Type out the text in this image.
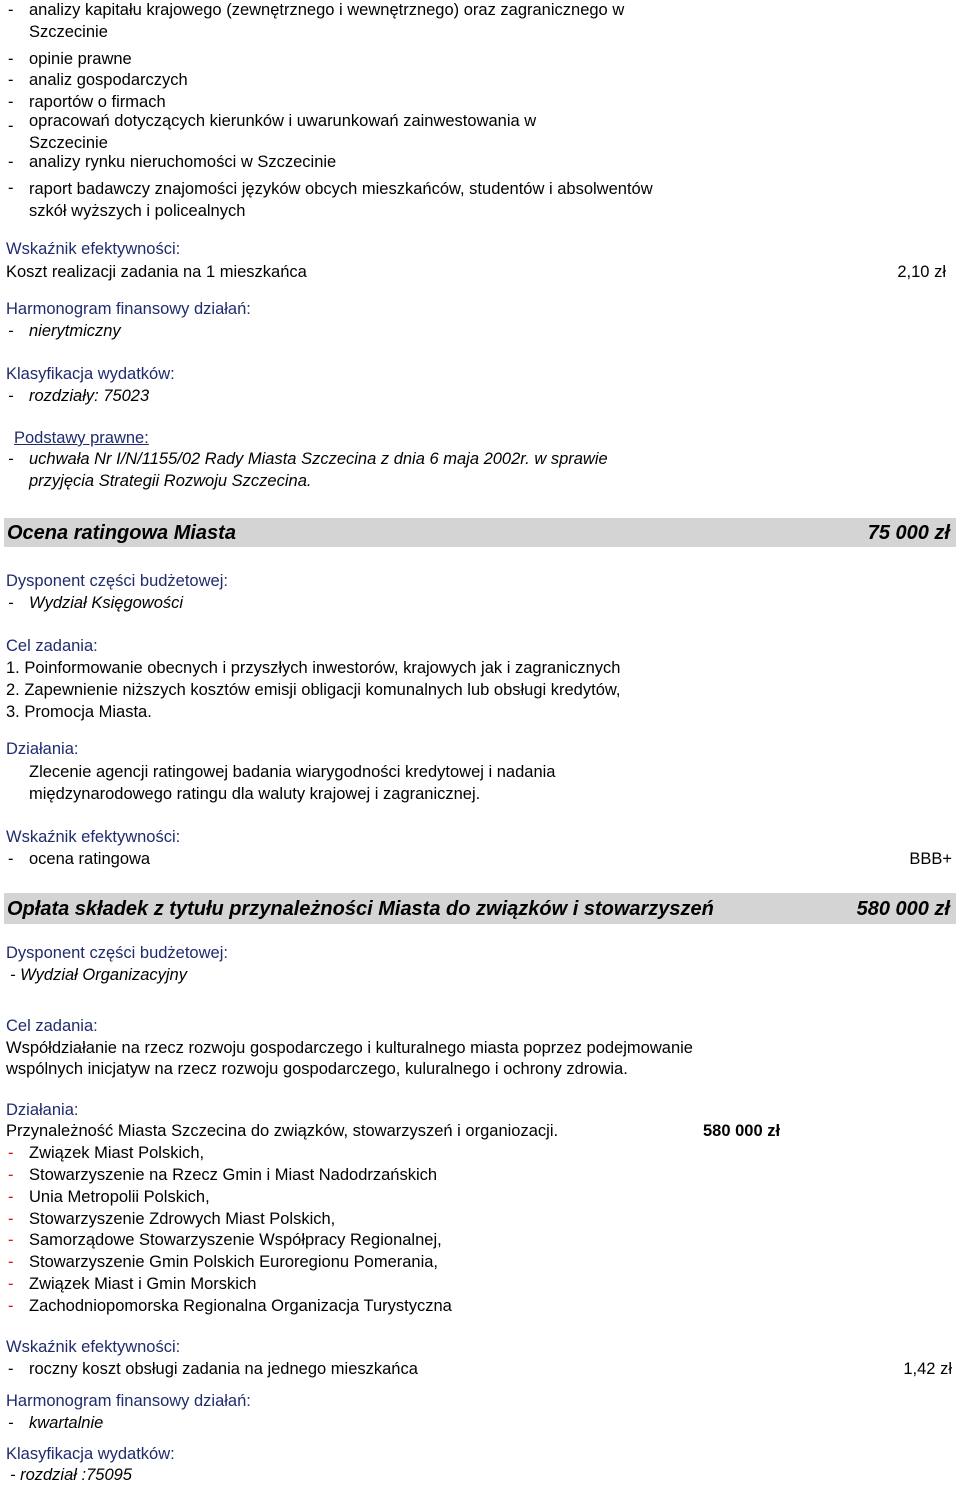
- analizy kapitału krajowego (zewnętrznego i wewnętrznego) oraz zagranicznego w
Szczecinie
- opinie prawne
- analiz gospodarczych
- raportów o firmach
- opracowań dotyczących kierunków i uwarunkowań zainwestowania w
Szczecinie
- analizy rynku nieruchomości w Szczecinie
- raport badawczy znajomości języków obcych mieszkańców, studentów i absolwentów
szkół wyższych i policealnych
Wskaźnik efektywności:
Koszt realizacji zadania na 1 mieszkańca	2,10 zł
Harmonogram finansowy działań:
- nierytmiczny
Klasyfikacja wydatków:
- rozdziały: 75023
Podstawy prawne:
- uchwała Nr I/N/1155/02 Rady Miasta Szczecina z dnia 6 maja 2002r. w sprawie
przyjęcia Strategii Rozwoju Szczecina.
Ocena ratingowa Miasta	75 000 zł
Dysponent części budżetowej:
- Wydział Księgowości
Cel zadania:
1. Poinformowanie obecnych i przyszłych inwestorów, krajowych jak i zagranicznych
2. Zapewnienie niższych kosztów emisji obligacji komunalnych lub obsługi kredytów,
3. Promocja Miasta.
Działania:
Zlecenie agencji ratingowej badania wiarygodności kredytowej i nadania
międzynarodowego ratingu dla waluty krajowej i zagranicznej.
Wskaźnik efektywności:
- ocena ratingowa	BBB+
Opłata składek z tytułu przynależności Miasta do związków i stowarzyszeń	580 000 zł
Dysponent części budżetowej:
- Wydział Organizacyjny
Cel zadania:
Współdziałanie na rzecz rozwoju gospodarczego i kulturalnego miasta poprzez podejmowanie
wspólnych inicjatyw na rzecz rozwoju gospodarczego, kuluralnego i ochrony zdrowia.
Działania:
Przynależność Miasta Szczecina do związków, stowarzyszeń i organiozacji.	580 000 zł
- Związek Miast Polskich,
- Stowarzyszenie na Rzecz Gmin i Miast Nadodrzańskich
- Unia Metropolii Polskich,
- Stowarzyszenie Zdrowych Miast Polskich,
- Samorządowe Stowarzyszenie Współpracy Regionalnej,
- Stowarzyszenie Gmin Polskich Euroregionu Pomerania,
- Związek Miast i Gmin Morskich
- Zachodniopomorska Regionalna Organizacja Turystyczna
Wskaźnik efektywności:
- roczny koszt obsługi zadania na jednego mieszkańca	1,42 zł
Harmonogram finansowy działań:
- kwartalnie
Klasyfikacja wydatków:
- rozdział :75095
